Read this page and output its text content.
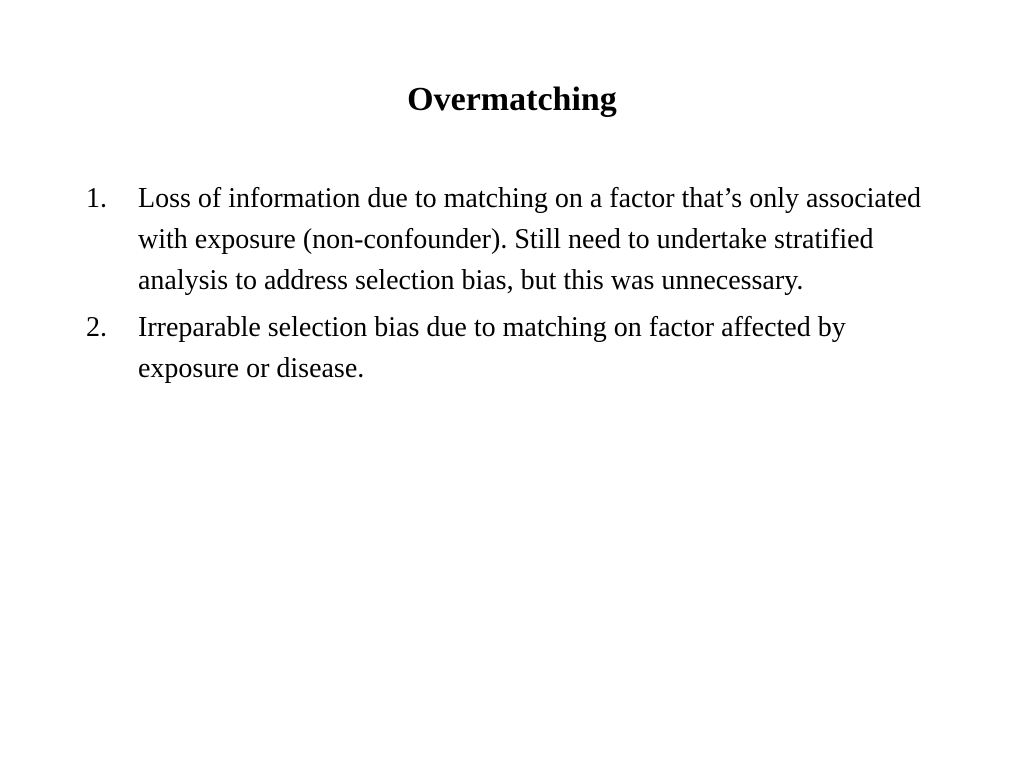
Overmatching
1.	Loss of information due to matching on a factor that’s only associated with exposure (non-confounder). Still need to undertake stratified analysis to address selection bias, but this was unnecessary.
2.	Irreparable selection bias due to matching on factor affected by exposure or disease.
